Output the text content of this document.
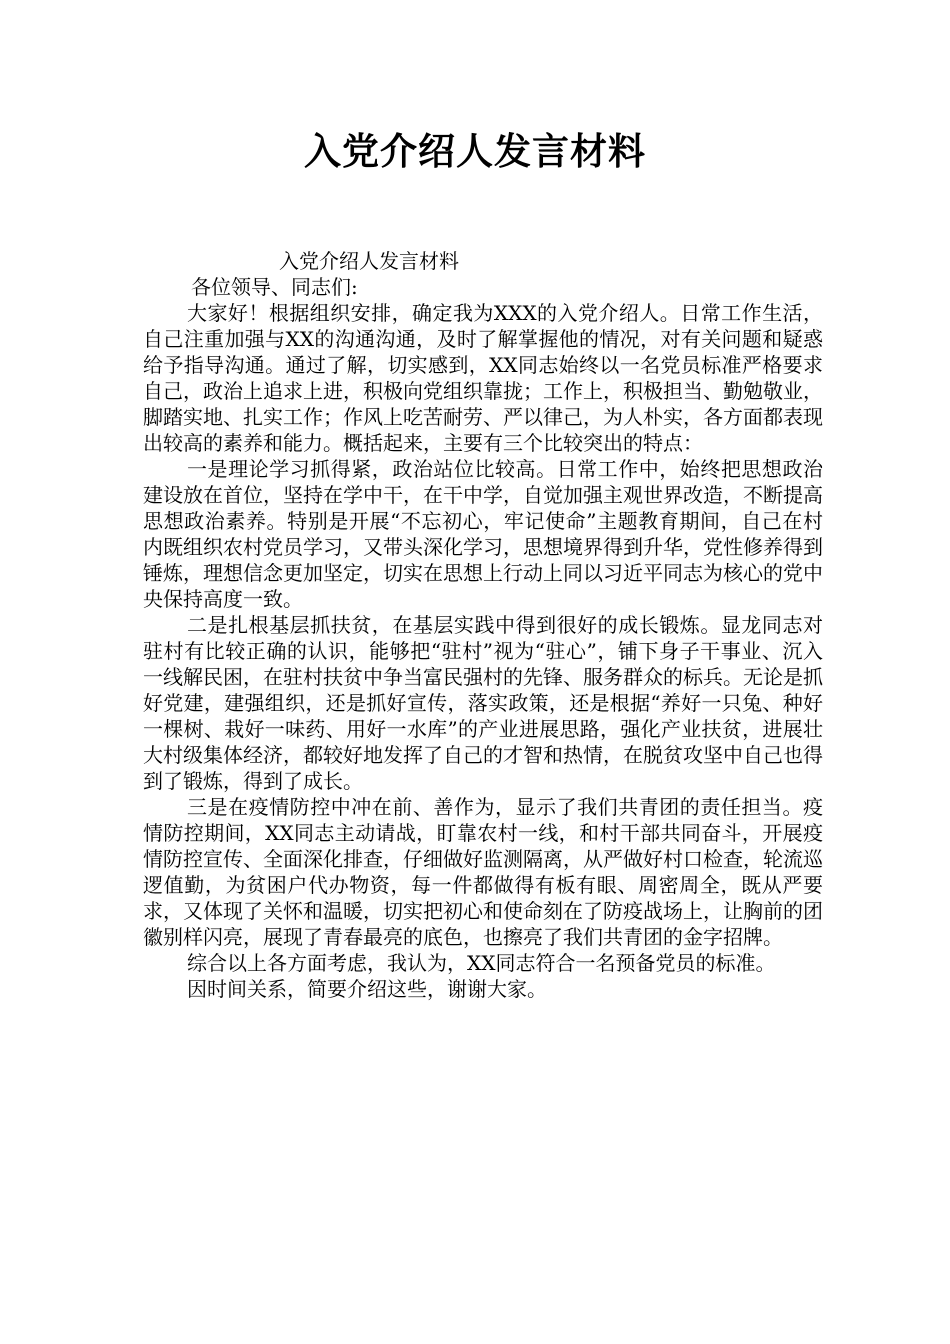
入党介绍人发言材料

入党介绍人发言材料

各位领导、同志们:

大家好！根据组织安排，确定我为XXX的入党介绍人。日常工作生活，自己注重加强与XX的沟通沟通，及时了解掌握他的情况，对有关问题和疑惑给予指导沟通。通过了解，切实感到，XX同志始终以一名党员标准严格要求自己，政治上追求上进，积极向党组织靠拢；工作上，积极担当、勤勉敬业，脚踏实地、扎实工作；作风上吃苦耐劳、严以律己，为人朴实，各方面都表现出较高的素养和能力。概括起来，主要有三个比较突出的特点：

一是理论学习抓得紧，政治站位比较高。日常工作中，始终把思想政治建设放在首位，坚持在学中干，在干中学，自觉加强主观世界改造，不断提高思想政治素养。特别是开展“不忘初心，牢记使命”主题教育期间，自己在村内既组织农村党员学习，又带头深化学习，思想境界得到升华，党性修养得到锤炼，理想信念更加坚定，切实在思想上行动上同以习近平同志为核心的党中央保持高度一致。

二是扎根基层抓扶贫，在基层实践中得到很好的成长锻炼。显龙同志对驻村有比较正确的认识，能够把“驻村”视为“驻心”，铺下身子干事业、沉入一线解民困，在驻村扶贫中争当富民强村的先锋、服务群众的标兵。无论是抓好党建，建强组织，还是抓好宣传，落实政策，还是根据“养好一只兔、种好一棵树、栽好一味药、用好一水库”的产业进展思路，强化产业扶贫，进展壮大村级集体经济，都较好地发挥了自己的才智和热情，在脱贫攻坚中自己也得到了锻炼，得到了成长。

三是在疫情防控中冲在前、善作为，显示了我们共青团的责任担当。疫情防控期间，XX同志主动请战，盯靠农村一线，和村干部共同奋斗，开展疫情防控宣传、全面深化排查，仔细做好监测隔离，从严做好村口检查，轮流巡逻值勤，为贫困户代办物资，每一件都做得有板有眼、周密周全，既从严要求，又体现了关怀和温暖，切实把初心和使命刻在了防疫战场上，让胸前的团徽别样闪亮，展现了青春最亮的底色，也擦亮了我们共青团的金字招牌。

综合以上各方面考虑，我认为，XX同志符合一名预备党员的标准。

因时间关系，简要介绍这些，谢谢大家。
